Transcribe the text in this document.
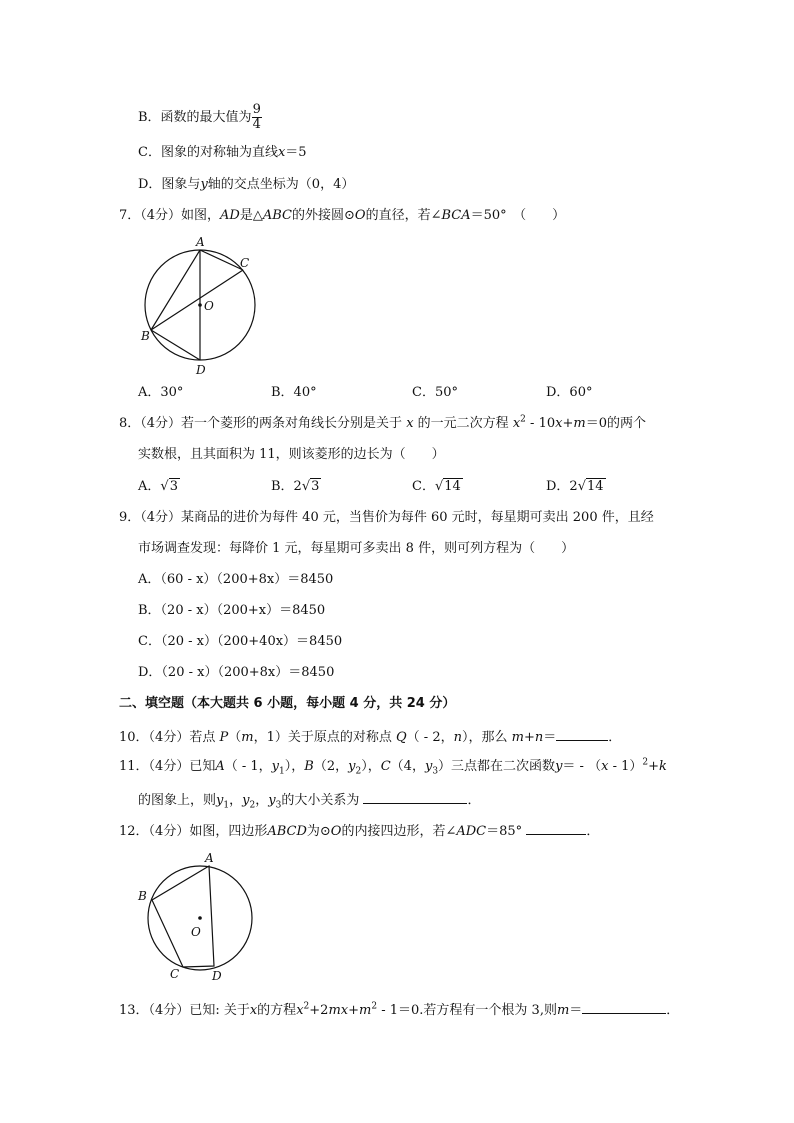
B．函数的最大值为 $\frac{9}{4}$
C．图象的对称轴为直线x＝5
D．图象与y轴的交点坐标为（0，4）
7．（4分）如图，AD是△ABC的外接圆⊙O的直径，若∠BCA＝50°　（　　）
A
C
O
B
D
A．30°	B．40°	C．50°	D．60°
8．（4分）若一个菱形的两条对角线长分别是关于 x 的一元二次方程 $x^2 - 10x+m=0$的两个
实数根，且其面积为 11，则该菱形的边长为（　　）
A．√3	B．2√3	C．√14	D．2√14
9．（4分）某商品的进价为每件 40 元，当售价为每件 60 元时，每星期可卖出 200 件，且经
市场调查发现：每降价 1 元，每星期可多卖出 8 件，则可列方程为（　　）
A．（60 - x）（200+8x）＝8450
B．（20 - x）（200+x）＝8450
C．（20 - x）（200+40x）＝8450
D．（20 - x）（200+8x）＝8450
二、填空题（本大题共 6 小题，每小题 4 分，共 24 分）
10．（4分）若点 P（m，1）关于原点的对称点 Q（ - 2，n），那么 m+n＝	．
11．（4分）已知A（ - 1，$y_1$），B（2，$y_2$），C（4，$y_3$）三点都在二次函数y＝ - （x - 1）$^2$+k
的图象上，则$y_1$，$y_2$，$y_3$的大小关系为	．
12．（4分）如图，四边形ABCD为⊙O的内接四边形，若∠ADC＝85°	．
A
B
O
C	D
13．（4分）已知: 关于x的方程$x^2+2mx+m^2 - 1=0$.若方程有一个根为 3,则m＝	．
